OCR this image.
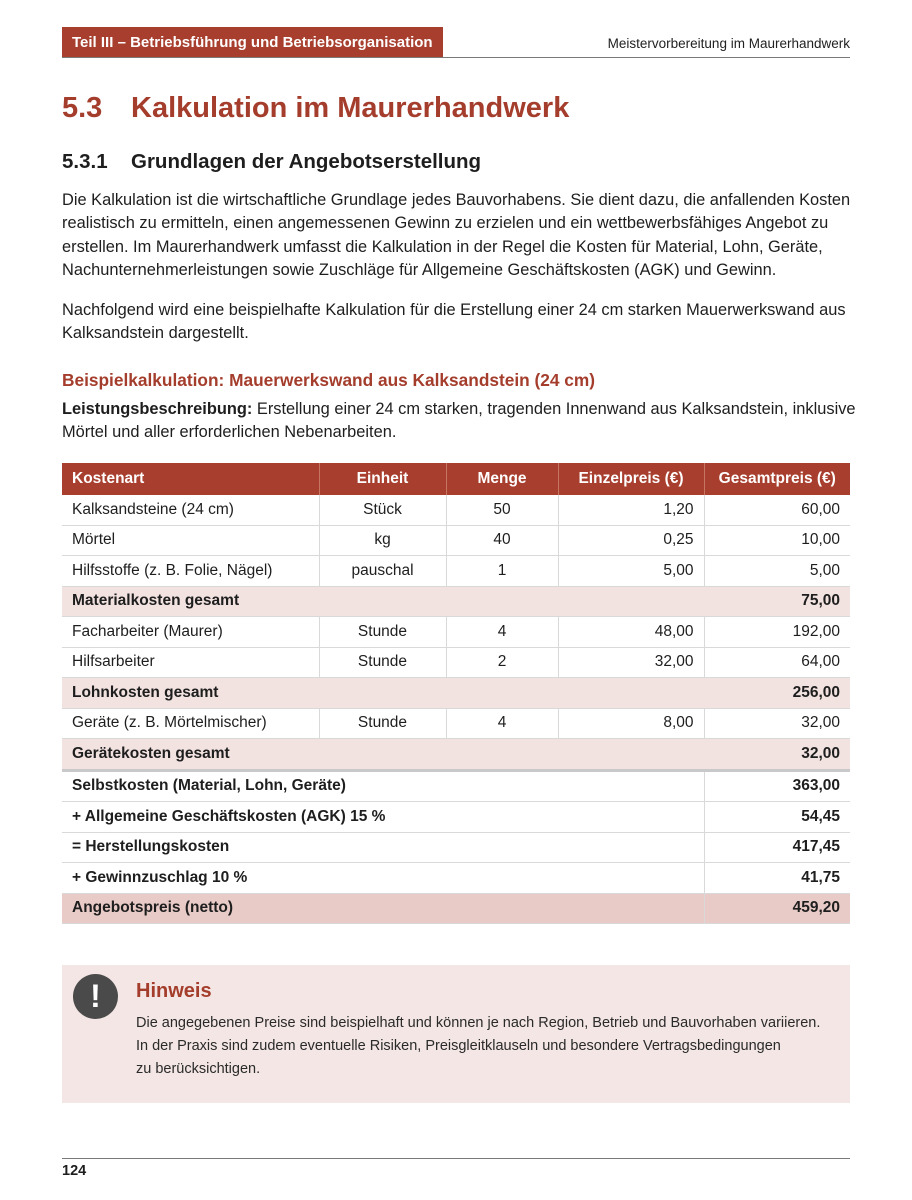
Teil III – Betriebsführung und Betriebsorganisation	Meistervorbereitung im Maurerhandwerk
5.3 Kalkulation im Maurerhandwerk
5.3.1 Grundlagen der Angebotserstellung
Die Kalkulation ist die wirtschaftliche Grundlage jedes Bauvorhabens. Sie dient dazu, die anfallenden Kosten realistisch zu ermitteln, einen angemessenen Gewinn zu erzielen und ein wettbewerbsfähiges Angebot zu erstellen. Im Maurerhandwerk umfasst die Kalkulation in der Regel die Kosten für Material, Lohn, Geräte, Nachunternehmerleistungen sowie Zuschläge für Allgemeine Geschäftskosten (AGK) und Gewinn.
Nachfolgend wird eine beispielhafte Kalkulation für die Erstellung einer 24 cm starken Mauerwerkswand aus Kalksandstein dargestellt.
Beispielkalkulation: Mauerwerkswand aus Kalksandstein (24 cm)
Leistungsbeschreibung: Erstellung einer 24 cm starken, tragenden Innenwand aus Kalksandstein, inklusive Mörtel und aller erforderlichen Nebenarbeiten.
Kostenart	Einheit	Menge	Einzelpreis (€)	Gesamtpreis (€)
Kalksandsteine (24 cm)	Stück	50	1,20	60,00
Mörtel	kg	40	0,25	10,00
Hilfsstoffe (z. B. Folie, Nägel)	pauschal	1	5,00	5,00
Materialkosten gesamt				75,00
Facharbeiter (Maurer)	Stunde	4	48,00	192,00
Hilfsarbeiter	Stunde	2	32,00	64,00
Lohnkosten gesamt				256,00
Geräte (z. B. Mörtelmischer)	Stunde	4	8,00	32,00
Gerätekosten gesamt				32,00
Selbstkosten (Material, Lohn, Geräte)				363,00
+ Allgemeine Geschäftskosten (AGK) 15 %				54,45
= Herstellungskosten				417,45
+ Gewinnzuschlag 10 %				41,75
Angebotspreis (netto)				459,20
!	Hinweis
Die angegebenen Preise sind beispielhaft und können je nach Region, Betrieb und Bauvorhaben variieren.
In der Praxis sind zudem eventuelle Risiken, Preisgleitklauseln und besondere Vertragsbedingungen
zu berücksichtigen.
124
